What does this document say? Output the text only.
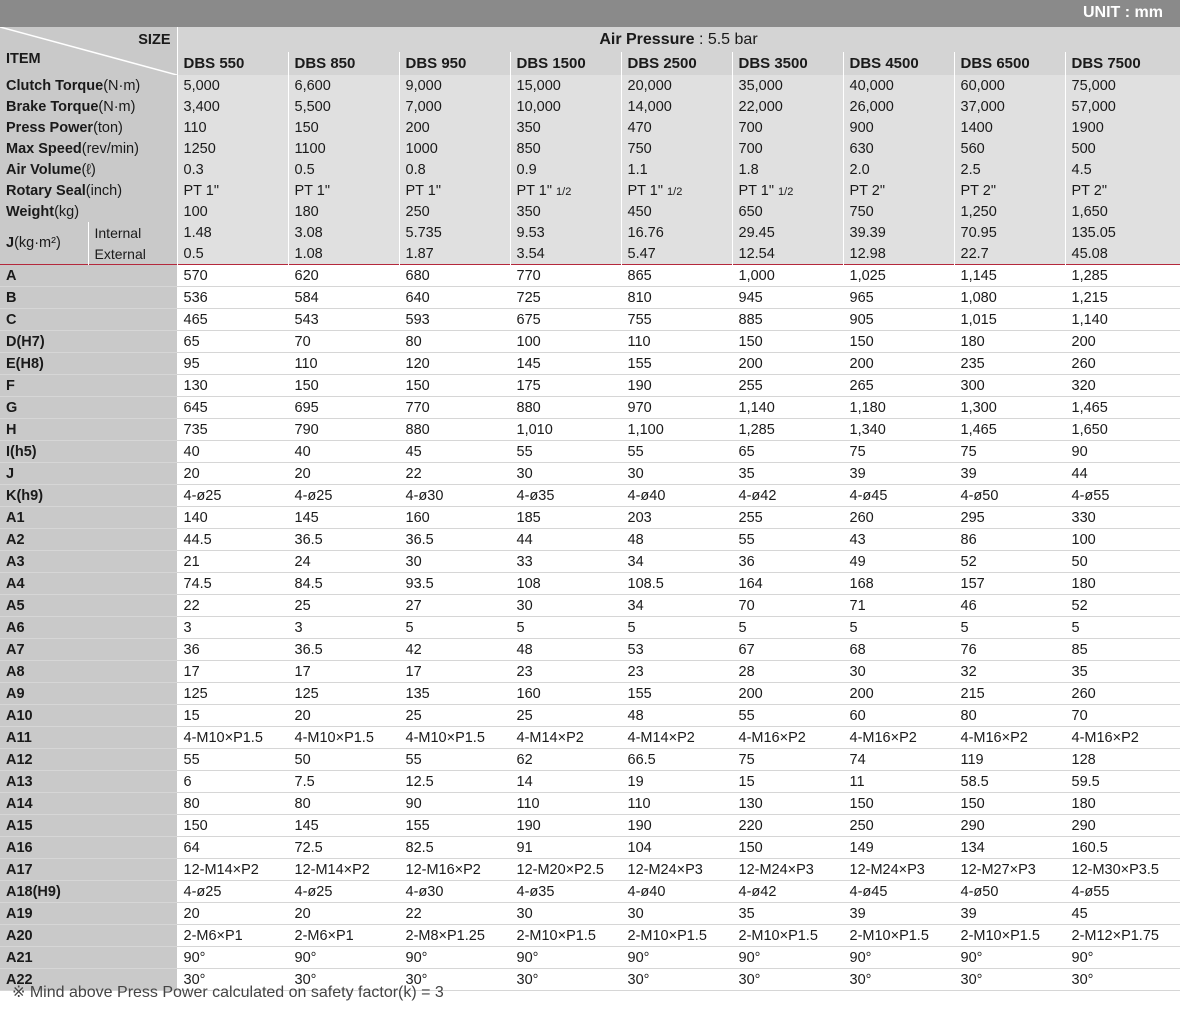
UNIT : mm
SIZE
ITEM		Air Pressure : 5.5 bar								
		DBS 550	DBS 850	DBS 950	DBS 1500	DBS 2500	DBS 3500	DBS 4500	DBS 6500	DBS 7500
Clutch Torque(N·m)		5,000	6,600	9,000	15,000	20,000	35,000	40,000	60,000	75,000
Brake Torque(N·m)		3,400	5,500	7,000	10,000	14,000	22,000	26,000	37,000	57,000
Press Power(ton)		110	150	200	350	470	700	900	1400	1900
Max Speed(rev/min)		1250	1100	1000	850	750	700	630	560	500
Air Volume(ℓ)		0.3	0.5	0.8	0.9	1.1	1.8	2.0	2.5	4.5
Rotary Seal(inch)		PT 1"	PT 1"	PT 1"	PT 1" 1/2	PT 1" 1/2	PT 1" 1/2	PT 2"	PT 2"	PT 2"
Weight(kg)		100	180	250	350	450	650	750	1,250	1,650
J(kg·m²)	Internal	1.48	3.08	5.735	9.53	16.76	29.45	39.39	70.95	135.05
	External	0.5	1.08	1.87	3.54	5.47	12.54	12.98	22.7	45.08
A		570	620	680	770	865	1,000	1,025	1,145	1,285
B		536	584	640	725	810	945	965	1,080	1,215
C		465	543	593	675	755	885	905	1,015	1,140
D(H7)		65	70	80	100	110	150	150	180	200
E(H8)		95	110	120	145	155	200	200	235	260
F		130	150	150	175	190	255	265	300	320
G		645	695	770	880	970	1,140	1,180	1,300	1,465
H		735	790	880	1,010	1,100	1,285	1,340	1,465	1,650
I(h5)		40	40	45	55	55	65	75	75	90
J		20	20	22	30	30	35	39	39	44
K(h9)		4-ø25	4-ø25	4-ø30	4-ø35	4-ø40	4-ø42	4-ø45	4-ø50	4-ø55
A1		140	145	160	185	203	255	260	295	330
A2		44.5	36.5	36.5	44	48	55	43	86	100
A3		21	24	30	33	34	36	49	52	50
A4		74.5	84.5	93.5	108	108.5	164	168	157	180
A5		22	25	27	30	34	70	71	46	52
A6		3	3	5	5	5	5	5	5	5
A7		36	36.5	42	48	53	67	68	76	85
A8		17	17	17	23	23	28	30	32	35
A9		125	125	135	160	155	200	200	215	260
A10		15	20	25	25	48	55	60	80	70
A11		4-M10×P1.5	4-M10×P1.5	4-M10×P1.5	4-M14×P2	4-M14×P2	4-M16×P2	4-M16×P2	4-M16×P2	4-M16×P2
A12		55	50	55	62	66.5	75	74	119	128
A13		6	7.5	12.5	14	19	15	11	58.5	59.5
A14		80	80	90	110	110	130	150	150	180
A15		150	145	155	190	190	220	250	290	290
A16		64	72.5	82.5	91	104	150	149	134	160.5
A17		12-M14×P2	12-M14×P2	12-M16×P2	12-M20×P2.5	12-M24×P3	12-M24×P3	12-M24×P3	12-M27×P3	12-M30×P3.5
A18(H9)		4-ø25	4-ø25	4-ø30	4-ø35	4-ø40	4-ø42	4-ø45	4-ø50	4-ø55
A19		20	20	22	30	30	35	39	39	45
A20		2-M6×P1	2-M6×P1	2-M8×P1.25	2-M10×P1.5	2-M10×P1.5	2-M10×P1.5	2-M10×P1.5	2-M10×P1.5	2-M12×P1.75
A21		90°	90°	90°	90°	90°	90°	90°	90°	90°
A22		30°	30°	30°	30°	30°	30°	30°	30°	30°
※ Mind above Press Power calculated on safety factor(k) = 3
